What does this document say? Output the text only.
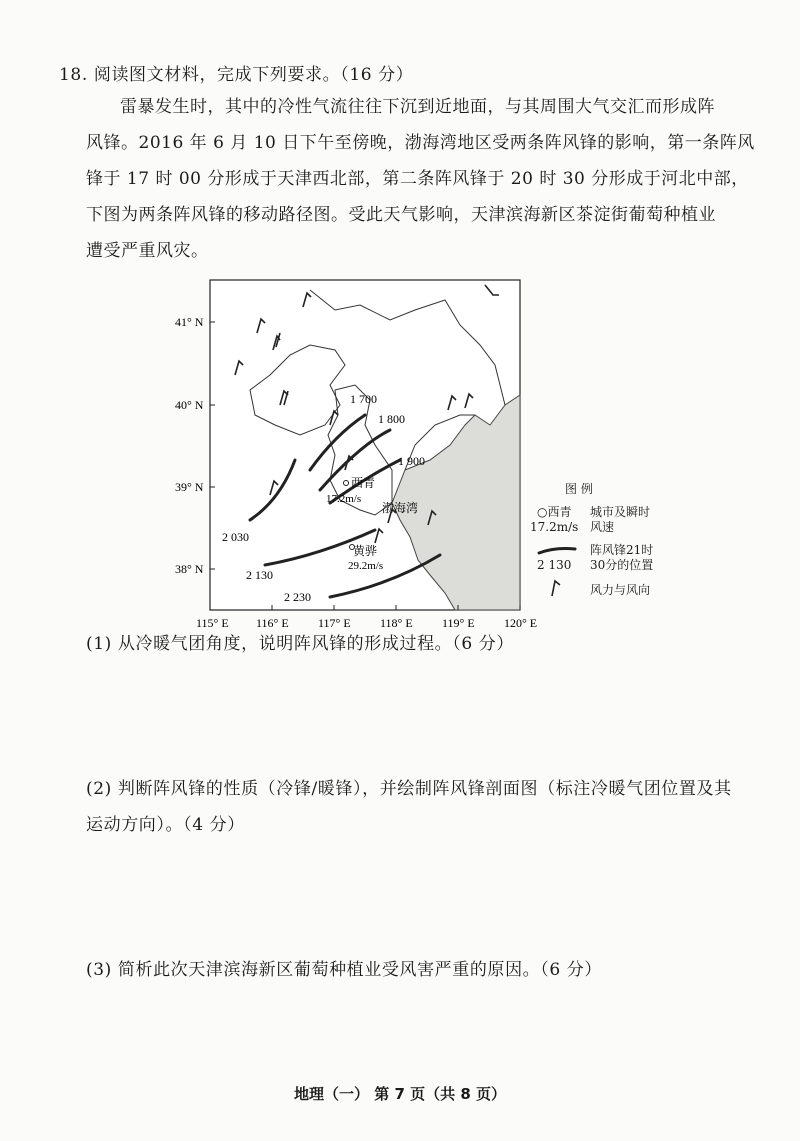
18. 阅读图文材料，完成下列要求。（16 分）

雷暴发生时，其中的冷性气流往往下沉到近地面，与其周围大气交汇而形成阵

风锋。2016 年 6 月 10 日下午至傍晚，渤海湾地区受两条阵风锋的影响，第一条阵风

锋于 17 时 00 分形成于天津西北部，第二条阵风锋于 20 时 30 分形成于河北中部，

下图为两条阵风锋的移动路径图。受此天气影响，天津滨海新区茶淀街葡萄种植业

遭受严重风灾。

41° N
40° N
39° N
38° N
115° E 116° E 117° E 118° E 119° E 120° E
1 700
1 800
1 900
2 030
2 130
2 230
西青
17.2m/s
黄骅
29.2m/s
渤海湾
图 例
○西青
17.2m/s
城市及瞬时
风速
2 130
阵风锋21时
30分的位置
风力与风向
(1) 从冷暖气团角度，说明阵风锋的形成过程。（6 分）
(2) 判断阵风锋的性质（冷锋/暖锋），并绘制阵风锋剖面图（标注冷暖气团位置及其
运动方向）。（4 分）
(3) 简析此次天津滨海新区葡萄种植业受风害严重的原因。（6 分）
地理（一） 第 7 页（共 8 页）
